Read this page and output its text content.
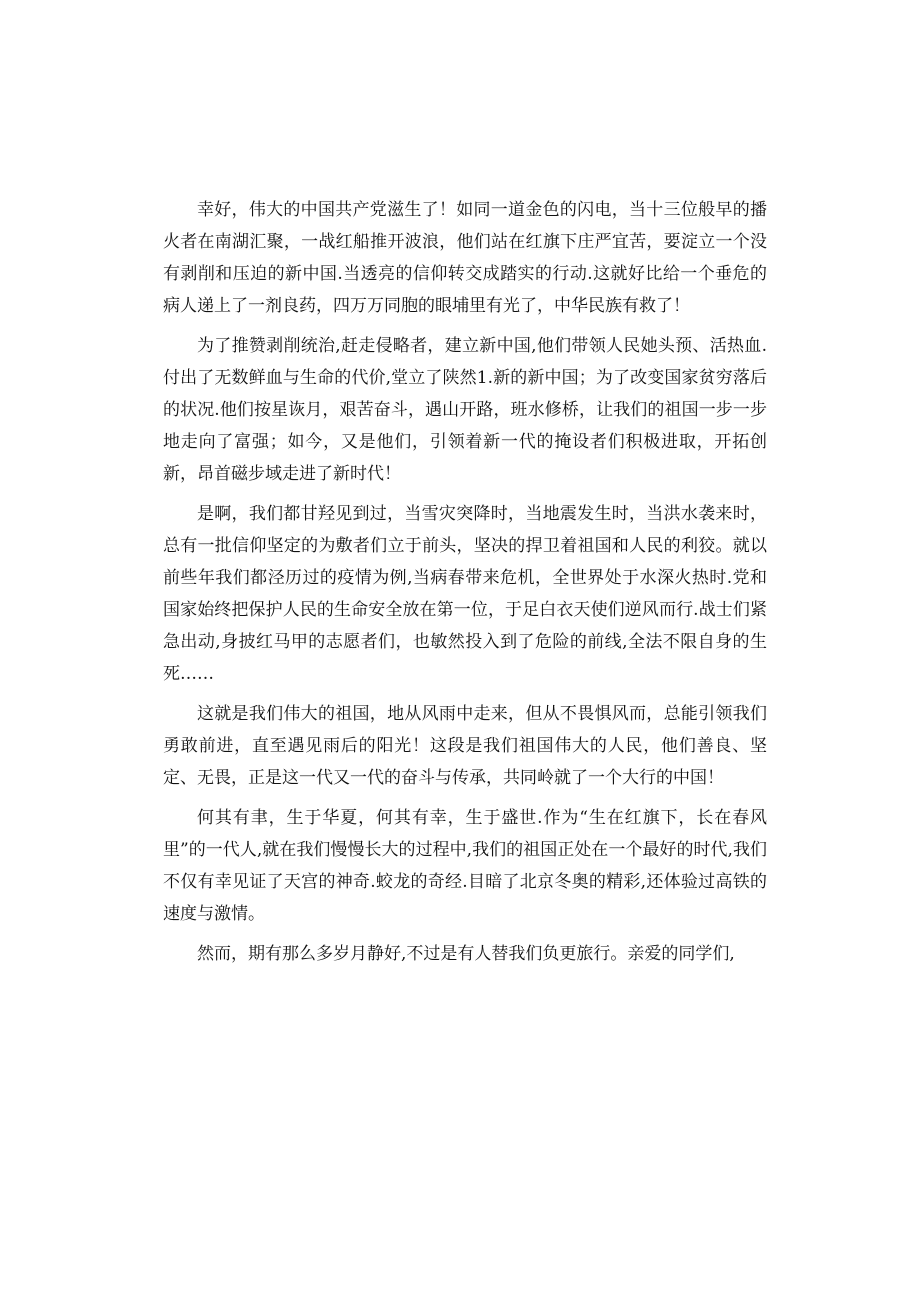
幸好，伟大的中国共产党滋生了！如同一道金色的闪电，当十三位般早的播火者在南湖汇聚，一战红船推开波浪，他们站在红旗下庄严宜苦，要淀立一个没有剥削和压迫的新中国.当透亮的信仰转交成踏实的行动.这就好比给一个垂危的病人递上了一剂良药，四万万同胞的眼埔里有光了，中华民族有救了！

为了推赞剥削统治,赶走侵略者，建立新中国,他们带领人民她头预、活热血.付出了无数鲜血与生命的代价,堂立了陕然1.新的新中国；为了改变国家贫穷落后的状况.他们按星诙月，艰苦奋斗，遇山开路，班水修桥，让我们的祖国一步一步地走向了富强；如今，又是他们，引领着新一代的掩设者们积极进取，开拓创新，昂首磁步域走进了新时代！

是啊，我们都甘羟见到过，当雪灾突降时，当地震发生时，当洪水袭来时，总有一批信仰坚定的为敷者们立于前头，坚决的捍卫着祖国和人民的利狡。就以前些年我们都泾历过的疫情为例,当病春带来危机，全世界处于水深火热时.党和国家始终把保护人民的生命安全放在第一位，于足白衣天使们逆风而行.战士们紧急出动,身披红马甲的志愿者们，也敏然投入到了危险的前线,全法不限自身的生死……

这就是我们伟大的祖国，地从风雨中走来，但从不畏惧风而，总能引领我们勇敢前进，直至遇见雨后的阳光！这段是我们祖国伟大的人民，他们善良、坚定、无畏，正是这一代又一代的奋斗与传承，共同岭就了一个大行的中国！

何其有聿，生于华夏，何其有幸，生于盛世.作为“生在红旗下，长在春风里”的一代人,就在我们慢慢长大的过程中,我们的祖国正处在一个最好的时代,我们不仅有幸见证了天宫的神奇.蛟龙的奇经.目暗了北京冬奥的精彩,还体验过高铁的速度与激情。

然而，期有那么多岁月静好,不过是有人替我们负更旅行。亲爱的同学们,
